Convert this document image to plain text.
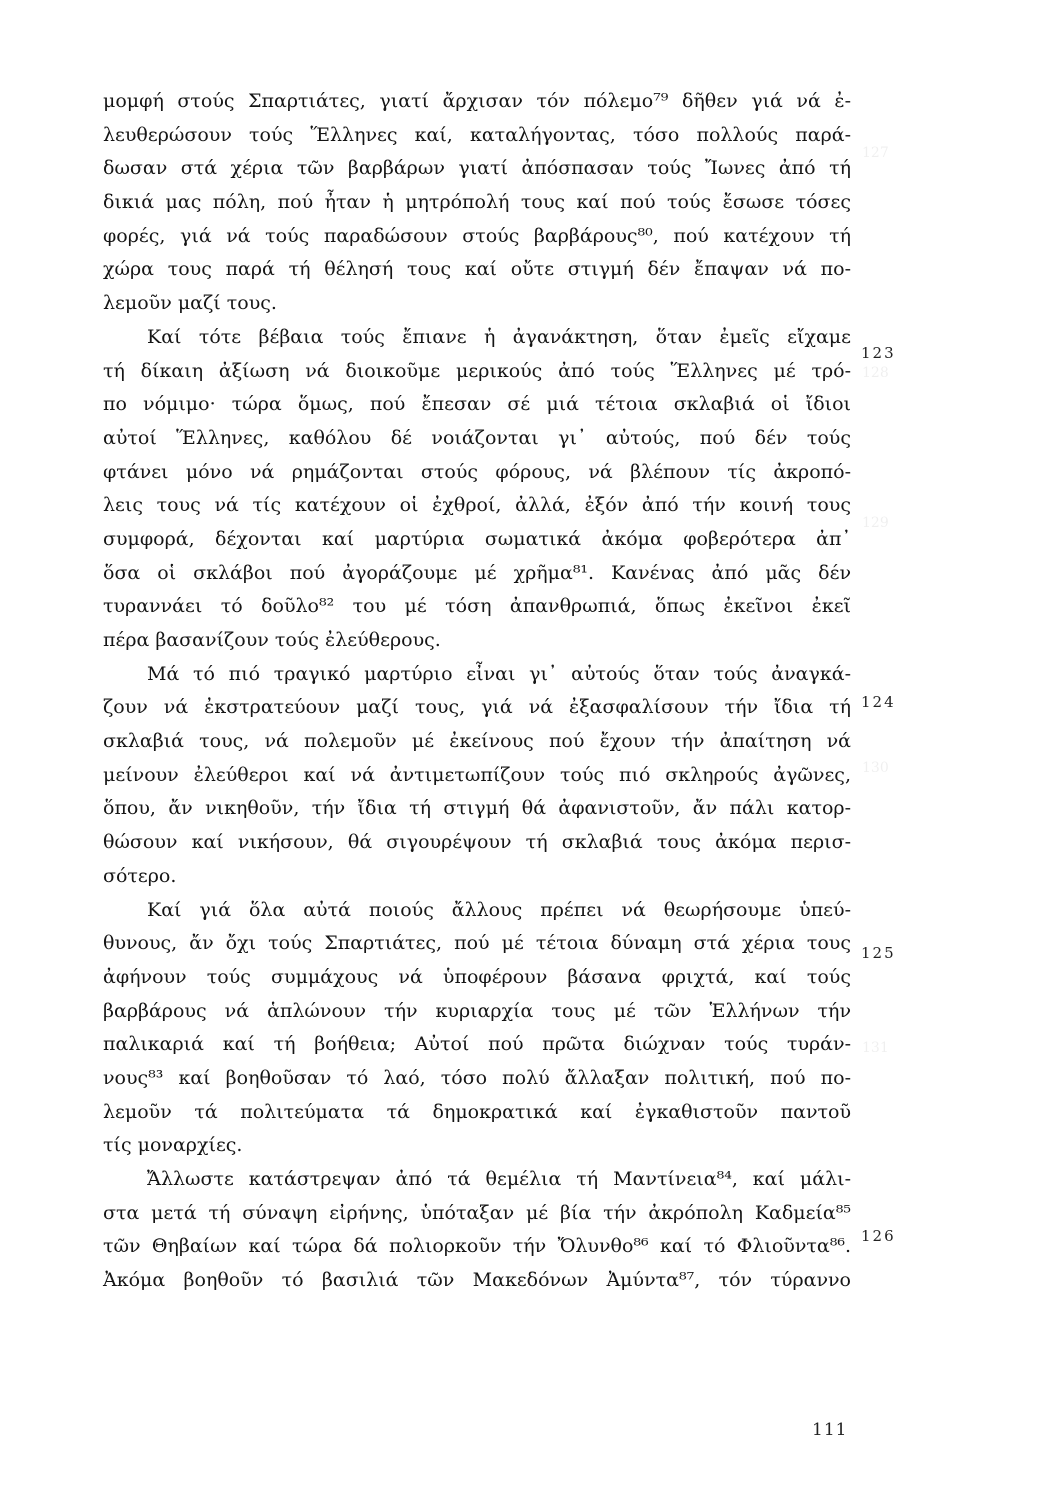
127
128
129
130
131
μομφή στούς Σπαρτιάτες, γιατί ἄρχισαν τόν πόλεμο⁷⁹ δῆθεν γιά νά ἐ-
λευθερώσουν τούς Ἕλληνες καί, καταλήγοντας, τόσο πολλούς παρά-
δωσαν στά χέρια τῶν βαρβάρων γιατί ἀπόσπασαν τούς Ἴωνες ἀπό τή
δικιά μας πόλη, πού ἦταν ἡ μητρόπολή τους καί πού τούς ἔσωσε τόσες
φορές, γιά νά τούς παραδώσουν στούς βαρβάρους⁸⁰, πού κατέχουν τή
χώρα τους παρά τή θέλησή τους καί οὔτε στιγμή δέν ἔπαψαν νά πο-
λεμοῦν μαζί τους.
Καί τότε βέβαια τούς ἔπιανε ἡ ἀγανάκτηση, ὅταν ἐμεῖς εἴχαμε
τή δίκαιη ἀξίωση νά διοικοῦμε μερικούς ἀπό τούς Ἕλληνες μέ τρό-
πο νόμιμο· τώρα ὅμως, πού ἔπεσαν σέ μιά τέτοια σκλαβιά οἱ ἴδιοι
αὐτοί Ἕλληνες, καθόλου δέ νοιάζονται γι᾿ αὐτούς, πού δέν τούς
φτάνει μόνο νά ρημάζονται στούς φόρους, νά βλέπουν τίς ἀκροπό-
λεις τους νά τίς κατέχουν οἱ ἐχθροί, ἀλλά, ἐξόν ἀπό τήν κοινή τους
συμφορά, δέχονται καί μαρτύρια σωματικά ἀκόμα φοβερότερα ἀπ᾿
ὅσα οἱ σκλάβοι πού ἀγοράζουμε μέ χρῆμα⁸¹. Κανένας ἀπό μᾶς δέν
τυραννάει τό δοῦλο⁸² του μέ τόση ἀπανθρωπιά, ὅπως ἐκεῖνοι ἐκεῖ
πέρα βασανίζουν τούς ἐλεύθερους.
Μά τό πιό τραγικό μαρτύριο εἶναι γι᾿ αὐτούς ὅταν τούς ἀναγκά-
ζουν νά ἐκστρατεύουν μαζί τους, γιά νά ἐξασφαλίσουν τήν ἴδια τή
σκλαβιά τους, νά πολεμοῦν μέ ἐκείνους πού ἔχουν τήν ἀπαίτηση νά
μείνουν ἐλεύθεροι καί νά ἀντιμετωπίζουν τούς πιό σκληρούς ἀγῶνες,
ὅπου, ἄν νικηθοῦν, τήν ἴδια τή στιγμή θά ἀφανιστοῦν, ἄν πάλι κατορ-
θώσουν καί νικήσουν, θά σιγουρέψουν τή σκλαβιά τους ἀκόμα περισ-
σότερο.
Καί γιά ὅλα αὐτά ποιούς ἄλλους πρέπει νά θεωρήσουμε ὑπεύ-
θυνους, ἄν ὄχι τούς Σπαρτιάτες, πού μέ τέτοια δύναμη στά χέρια τους
ἀφήνουν τούς συμμάχους νά ὑποφέρουν βάσανα φριχτά, καί τούς
βαρβάρους νά ἁπλώνουν τήν κυριαρχία τους μέ τῶν Ἑλλήνων τήν
παλικαριά καί τή βοήθεια; Αὐτοί πού πρῶτα διώχναν τούς τυράν-
νους⁸³ καί βοηθοῦσαν τό λαό, τόσο πολύ ἄλλαξαν πολιτική, πού πο-
λεμοῦν τά πολιτεύματα τά δημοκρατικά καί ἐγκαθιστοῦν παντοῦ
τίς μοναρχίες.
Ἄλλωστε κατάστρεψαν ἀπό τά θεμέλια τή Μαντίνεια⁸⁴, καί μάλι-
στα μετά τή σύναψη εἰρήνης, ὑπόταξαν μέ βία τήν ἀκρόπολη Καδμεία⁸⁵
τῶν Θηβαίων καί τώρα δά πολιορκοῦν τήν Ὄλυνθο⁸⁶ καί τό Φλιοῦντα⁸⁶.
Ἀκόμα βοηθοῦν τό βασιλιά τῶν Μακεδόνων Ἀμύντα⁸⁷, τόν τύραννο
123
124
125
126
111
